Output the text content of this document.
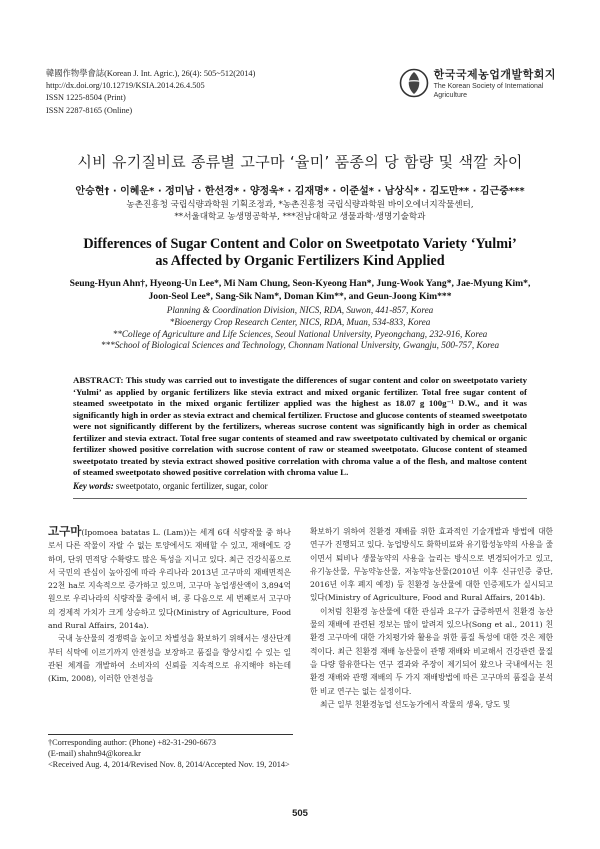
韓國作物學會誌(Korean J. Int. Agric.), 26(4): 505~512(2014)
http://dx.doi.org/10.12719/KSIA.2014.26.4.505
ISSN 1225-8504 (Print)
ISSN 2287-8165 (Online)
한국국제농업개발학회지
The Korean Society of International
Agriculture
시비 유기질비료 종류별 고구마 ‘율미’ 품종의 당 함량 및 색깔 차이
안승현† · 이혜운* · 정미남 · 한선경* · 양정욱* · 김재명* · 이준설* · 남상식* · 김도만** · 김근중***
농촌진흥청 국립식량과학원 기획조정과, *농촌진흥청 국립식량과학원 바이오에너지작물센터,
**서울대학교 농생명공학부, ***전남대학교 생물과학·생명기술학과
Differences of Sugar Content and Color on Sweetpotato Variety ‘Yulmi’
as Affected by Organic Fertilizers Kind Applied
Seung-Hyun Ahn†, Hyeong-Un Lee*, Mi Nam Chung, Seon-Kyeong Han*, Jung-Wook Yang*, Jae-Myung Kim*,
Joon-Seol Lee*, Sang-Sik Nam*, Doman Kim**, and Geun-Joong Kim***
Planning & Coordination Division, NICS, RDA, Suwon, 441-857, Korea
*Bioenergy Crop Research Center, NICS, RDA, Muan, 534-833, Korea
**College of Agriculture and Life Sciences, Seoul National University, Pyeongchang, 232-916, Korea
***School of Biological Sciences and Technology, Chonnam National University, Gwangju, 500-757, Korea

ABSTRACT: This study was carried out to investigate the differences of sugar content and color on sweetpotato variety ‘Yulmi’ as applied by organic fertilizers like stevia extract and mixed organic fertilizer. Total free sugar content of steamed sweetpotato in the mixed organic fertilizer applied was the highest as 18.07 g 100g⁻¹ D.W., and it was significantly high in order as stevia extract and chemical fertilizer. Fructose and glucose contents of steamed sweetpotato were not significantly different by the fertilizers, whereas sucrose content was significantly high in order as chemical fertilizer and stevia extract. Total free sugar contents of steamed and raw sweetpotato cultivated by chemical or organic fertilizer showed positive correlation with sucrose content of raw or steamed sweetpotato. Glucose content of steamed sweetpotato treated by stevia extract showed positive correlation with chroma value a of the flesh, and maltose content of steamed sweetpotato showed positive correlation with chroma value L.

Key words: sweetpotato, organic fertilizer, sugar, color

고구마(Ipomoea batatas L. (Lam))는 세계 6대 식량작물 중 하나로서 다른 작물이 자랄 수 없는 토양에서도 재배할 수 있고, 재해에도 강하며, 단위 면적당 수확량도 많은 특성을 지니고 있다. 최근 건강식품으로서 국민의 관심이 높아짐에 따라 우리나라 2013년 고구마의 재배면적은 22천 ha로 지속적으로 증가하고 있으며, 고구마 농업생산액이 3,894억 원으로 우리나라의 식량작물 중에서 벼, 콩 다음으로 세 번째로서 고구마의 경제적 가치가 크게 상승하고 있다(Ministry of Agriculture, Food and Rural Affairs, 2014a).

국내 농산물의 경쟁력을 높이고 차별성을 확보하기 위해서는 생산단계부터 식탁에 이르기까지 안전성을 보장하고 품질을 향상시킬 수 있는 일관된 체계를 개발하여 소비자의 신뢰를 지속적으로 유지해야 하는데(Kim, 2008), 이러한 안전성을

확보하기 위하여 친환경 재배를 위한 효과적인 기술개발과 방법에 대한 연구가 진행되고 있다. 농업방식도 화학비료와 유기합성농약의 사용을 줄이면서 퇴비나 생물농약의 사용을 늘리는 방식으로 변경되어가고 있고, 유기농산물, 무농약농산물, 저농약농산물(2010년 이후 신규인증 중단, 2016년 이후 폐지 예정) 등 친환경 농산물에 대한 인증제도가 실시되고 있다(Ministry of Agriculture, Food and Rural Affairs, 2014b).

이처럼 친환경 농산물에 대한 관심과 요구가 급증하면서 친환경 농산물의 재배에 관련된 정보는 많이 알려져 있으나(Song et al., 2011) 친환경 고구마에 대한 가치평가와 활용을 위한 품질 특성에 대한 것은 제한적이다. 최근 친환경 재배 농산물이 관행 재배와 비교해서 건강관련 물질을 다량 함유한다는 연구 결과와 주장이 제기되어 왔으나 국내에서는 친환경 재배와 관행 재배의 두 가지 재배방법에 따른 고구마의 품질을 분석한 비교 연구는 없는 실정이다.

최근 일부 친환경농업 선도농가에서 작물의 생육, 당도 및

†Corresponding author: (Phone) +82-31-290-6673
(E-mail) shahn94@korea.kr
<Received Aug. 4, 2014/Revised Nov. 8, 2014/Accepted Nov. 19, 2014>
505
